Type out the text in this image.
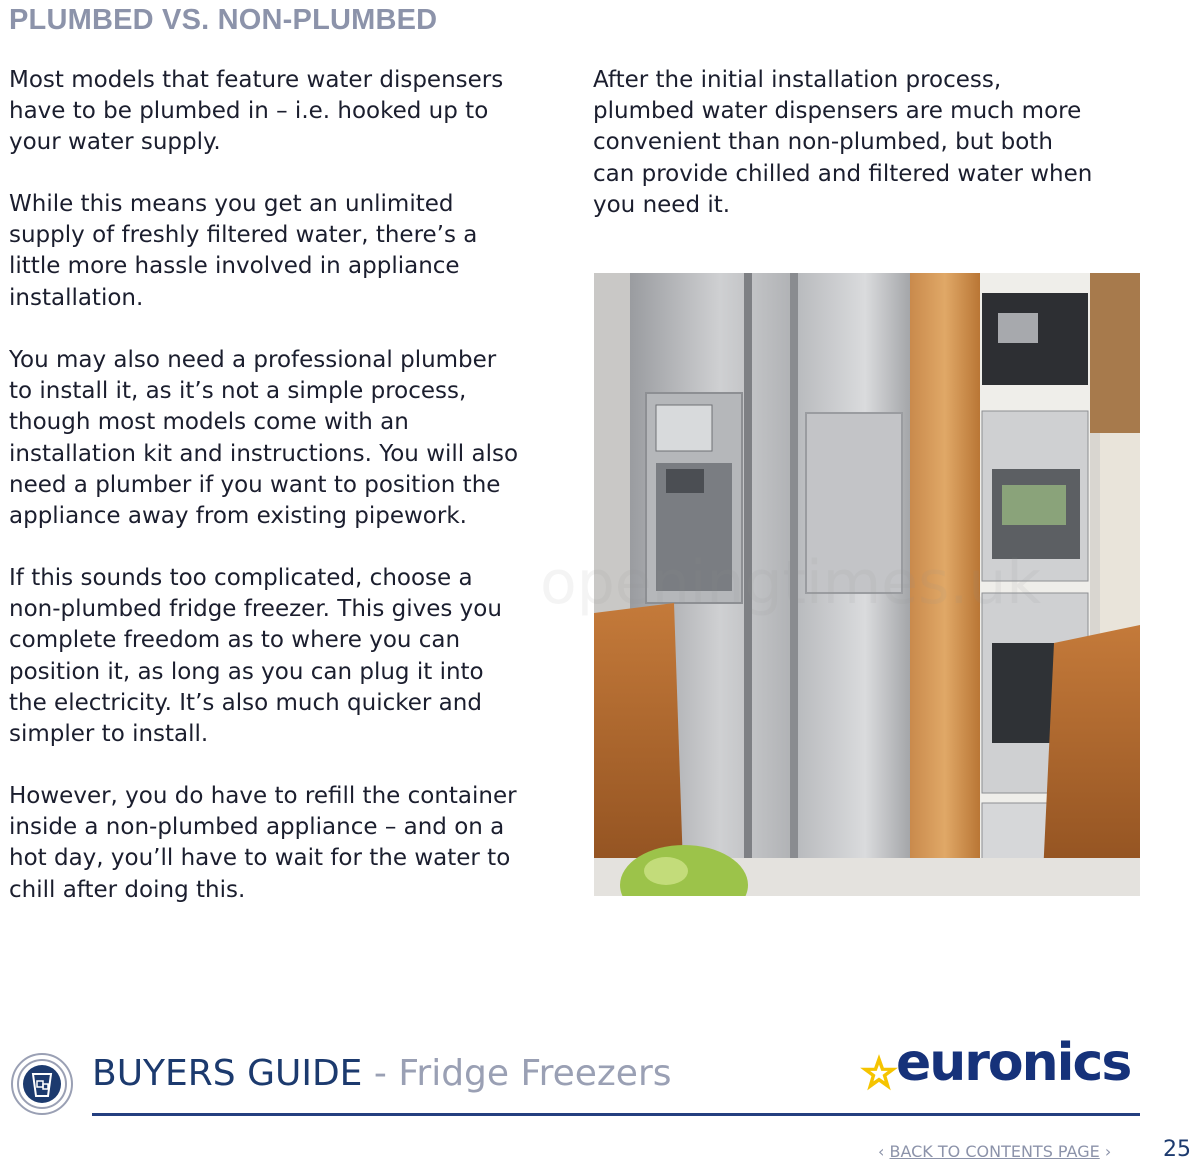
PLUMBED VS. NON-PLUMBED

Most models that feature water dispensers
have to be plumbed in – i.e. hooked up to
your water supply.

While this means you get an unlimited
supply of freshly filtered water, there’s a
little more hassle involved in appliance
installation.

You may also need a professional plumber
to install it, as it’s not a simple process,
though most models come with an
installation kit and instructions. You will also
need a plumber if you want to position the
appliance away from existing pipework.

If this sounds too complicated, choose a
non-plumbed fridge freezer. This gives you
complete freedom as to where you can
position it, as long as you can plug it into
the electricity. It’s also much quicker and
simpler to install.

However, you do have to refill the container
inside a non-plumbed appliance – and on a
hot day, you’ll have to wait for the water to
chill after doing this.

After the initial installation process,
plumbed water dispensers are much more
convenient than non-plumbed, but both
can provide chilled and filtered water when
you need it.

BUYERS GUIDE - Fridge Freezers	euronics
‹ BACK TO CONTENTS PAGE › 25
